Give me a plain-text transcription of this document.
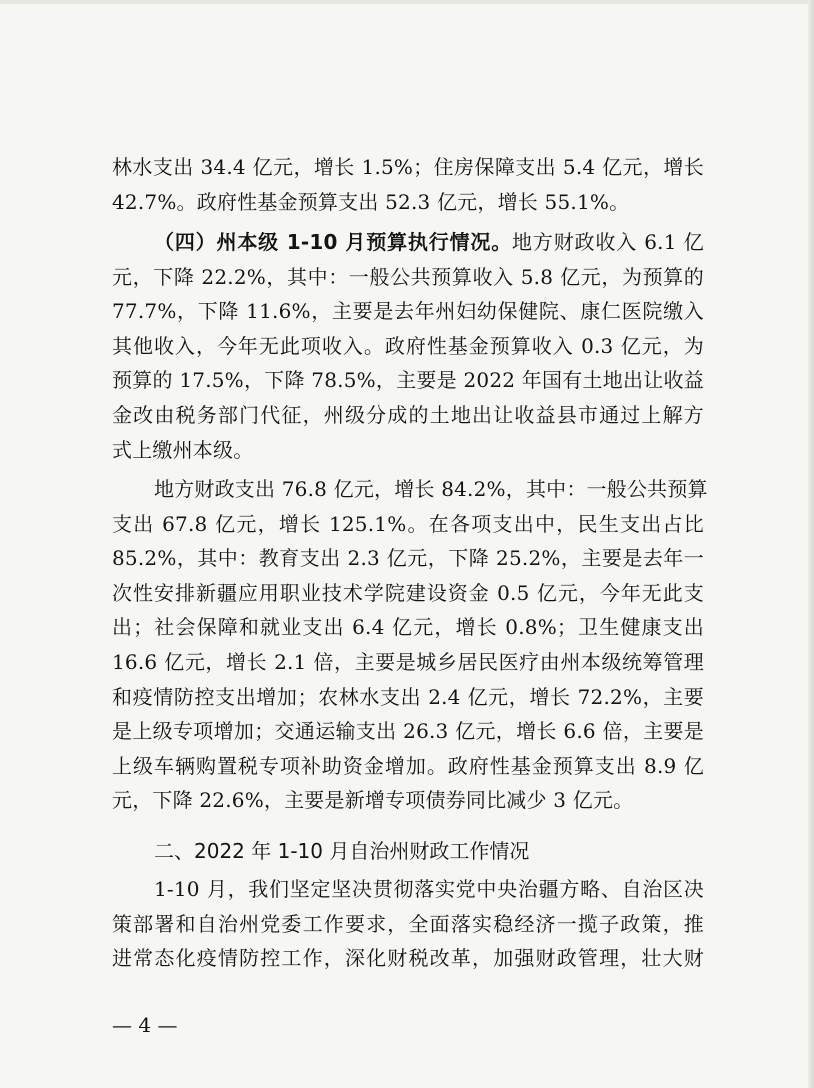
林水支出 34.4 亿元，增长 1.5%；住房保障支出 5.4 亿元，增长
42.7%。政府性基金预算支出 52.3 亿元，增长 55.1%。
（四）州本级 1-10 月预算执行情况。地方财政收入 6.1 亿
元，下降 22.2%，其中：一般公共预算收入 5.8 亿元，为预算的
77.7%，下降 11.6%，主要是去年州妇幼保健院、康仁医院缴入
其他收入，今年无此项收入。政府性基金预算收入 0.3 亿元，为
预算的 17.5%，下降 78.5%，主要是 2022 年国有土地出让收益
金改由税务部门代征，州级分成的土地出让收益县市通过上解方
式上缴州本级。
地方财政支出 76.8 亿元，增长 84.2%，其中：一般公共预算
支出 67.8 亿元，增长 125.1%。在各项支出中，民生支出占比
85.2%，其中：教育支出 2.3 亿元，下降 25.2%，主要是去年一
次性安排新疆应用职业技术学院建设资金 0.5 亿元，今年无此支
出；社会保障和就业支出 6.4 亿元，增长 0.8%；卫生健康支出
16.6 亿元，增长 2.1 倍，主要是城乡居民医疗由州本级统筹管理
和疫情防控支出增加；农林水支出 2.4 亿元，增长 72.2%，主要
是上级专项增加；交通运输支出 26.3 亿元，增长 6.6 倍，主要是
上级车辆购置税专项补助资金增加。政府性基金预算支出 8.9 亿
元，下降 22.6%，主要是新增专项债券同比减少 3 亿元。
二、2022 年 1-10 月自治州财政工作情况
1-10 月，我们坚定坚决贯彻落实党中央治疆方略、自治区决
策部署和自治州党委工作要求，全面落实稳经济一揽子政策，推
进常态化疫情防控工作，深化财税改革，加强财政管理，壮大财
— 4 —
